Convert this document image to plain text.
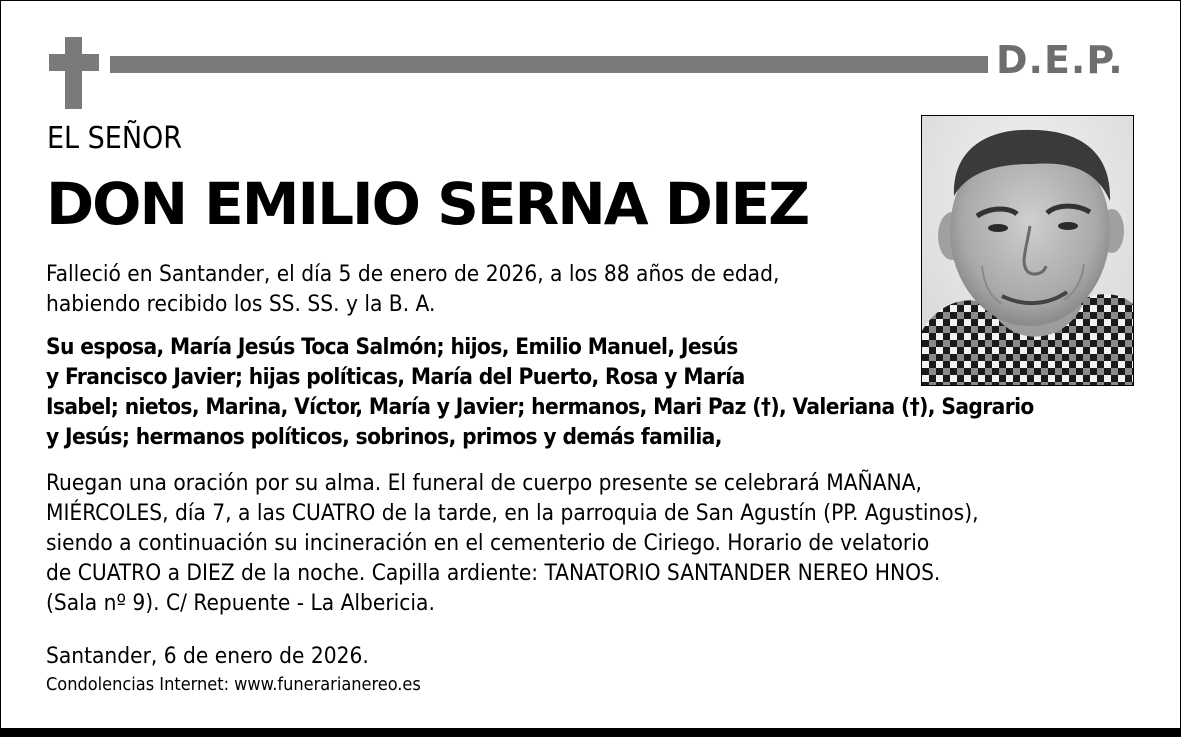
D.E.P.
EL SEÑOR
DON EMILIO SERNA DIEZ
Falleció en Santander, el día 5 de enero de 2026, a los 88 años de edad,
habiendo recibido los SS. SS. y la B. A.
Su esposa, María Jesús Toca Salmón; hijos, Emilio Manuel, Jesús
y Francisco Javier; hijas políticas, María del Puerto, Rosa y María
Isabel; nietos, Marina, Víctor, María y Javier; hermanos, Mari Paz (†), Valeriana (†), Sagrario
y Jesús; hermanos políticos, sobrinos, primos y demás familia,
Ruegan una oración por su alma. El funeral de cuerpo presente se celebrará MAÑANA,
MIÉRCOLES, día 7, a las CUATRO de la tarde, en la parroquia de San Agustín (PP. Agustinos),
siendo a continuación su incineración en el cementerio de Ciriego. Horario de velatorio
de CUATRO a DIEZ de la noche. Capilla ardiente: TANATORIO SANTANDER NEREO HNOS.
(Sala nº 9). C/ Repuente - La Albericia.
Santander, 6 de enero de 2026.
Condolencias Internet: www.funerarianereo.es
